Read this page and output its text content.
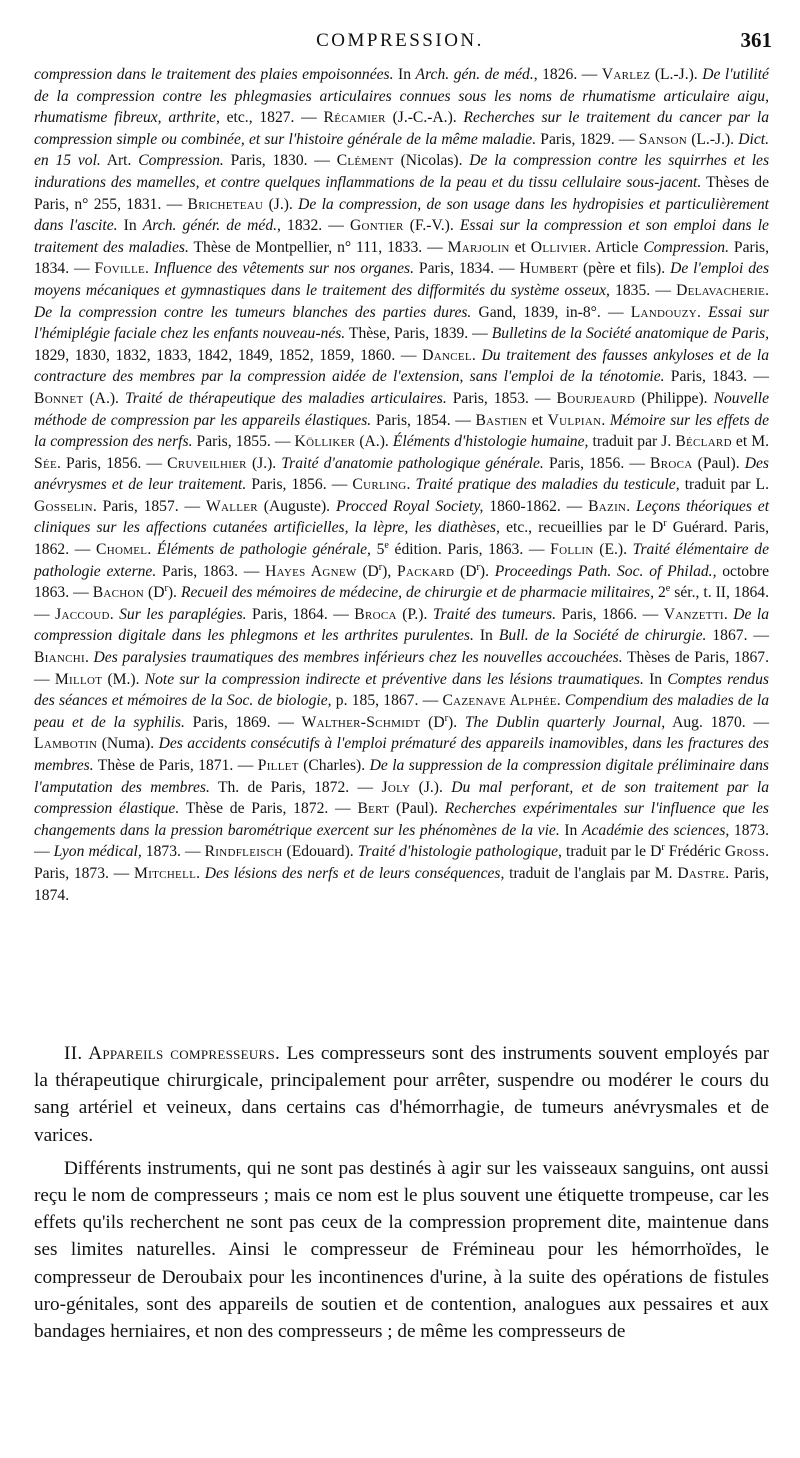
COMPRESSION.	361
compression dans le traitement des plaies empoisonnées. In Arch. gén. de méd., 1826. — Varlez (L.-J.). De l'utilité de la compression contre les phlegmasies articulaires connues sous les noms de rhumatisme articulaire aigu, rhumatisme fibreux, arthrite, etc., 1827. — Récamier (J.-C.-A.). Recherches sur le traitement du cancer par la compression simple ou combinée, et sur l'histoire générale de la même maladie. Paris, 1829. — Sanson (L.-J.). Dict. en 15 vol. Art. Compression. Paris, 1830. — Clément (Nicolas). De la compression contre les squirrhes et les indurations des mamelles, et contre quelques inflammations de la peau et du tissu cellulaire sous-jacent. Thèses de Paris, n° 255, 1831. — Bricheteau (J.). De la compression, de son usage dans les hydropisies et particulièrement dans l'ascite. In Arch. génér. de méd., 1832. — Gontier (F.-V.). Essai sur la compression et son emploi dans le traitement des maladies. Thèse de Montpellier, n° 111, 1833. — Marjolin et Ollivier. Article Compression. Paris, 1834. — Foville. Influence des vêtements sur nos organes. Paris, 1834. — Humbert (père et fils). De l'emploi des moyens mécaniques et gymnastiques dans le traitement des difformités du système osseux, 1835. — Delavacherie. De la compression contre les tumeurs blanches des parties dures. Gand, 1839, in-8°. — Landouzy. Essai sur l'hémiplégie faciale chez les enfants nouveau-nés. Thèse, Paris, 1839. — Bulletins de la Société anatomique de Paris, 1829, 1830, 1832, 1833, 1842, 1849, 1852, 1859, 1860. — Dancel. Du traitement des fausses ankyloses et de la contracture des membres par la compression aidée de l'extension, sans l'emploi de la ténotomie. Paris, 1843. — Bonnet (A.). Traité de thérapeutique des maladies articulaires. Paris, 1853. — Bourjeaurd (Philippe). Nouvelle méthode de compression par les appareils élastiques. Paris, 1854. — Bastien et Vulpian. Mémoire sur les effets de la compression des nerfs. Paris, 1855. — Kölliker (A.). Éléments d'histologie humaine, traduit par J. Béclard et M. Sée. Paris, 1856. — Cruveilhier (J.). Traité d'anatomie pathologique générale. Paris, 1856. — Broca (Paul). Des anévrysmes et de leur traitement. Paris, 1856. — Curling. Traité pratique des maladies du testicule, traduit par L. Gosselin. Paris, 1857. — Waller (Auguste). Procced Royal Society, 1860-1862. — Bazin. Leçons théoriques et cliniques sur les affections cutanées artificielles, la lèpre, les diathèses, etc., recueillies par le $D^r$ Guérard. Paris, 1862. — Chomel. Éléments de pathologie générale, 5e édition. Paris, 1863. — Follin (E.). Traité élémentaire de pathologie externe. Paris, 1863. — Hayes Agnew $(D^r)$, Packard $(D^r)$. Proceedings Path. Soc. of Philad., octobre 1863. — Bachon $(D^r)$. Recueil des mémoires de médecine, de chirurgie et de pharmacie militaires, 2e sér., t. II, 1864. — Jaccoud. Sur les paraplégies. Paris, 1864. — Broca (P.). Traité des tumeurs. Paris, 1866. — Vanzetti. De la compression digitale dans les phlegmons et les arthrites purulentes. In Bull. de la Société de chirurgie. 1867. — Bianchi. Des paralysies traumatiques des membres inférieurs chez les nouvelles accouchées. Thèses de Paris, 1867. — Millot (M.). Note sur la compression indirecte et préventive dans les lésions traumatiques. In Comptes rendus des séances et mémoires de la Soc. de biologie, p. 185, 1867. — Cazenave Alphée. Compendium des maladies de la peau et de la syphilis. Paris, 1869. — Walther-Schmidt $(D^r)$. The Dublin quarterly Journal, Aug. 1870. — Lambotin (Numa). Des accidents consécutifs à l'emploi prématuré des appareils inamovibles, dans les fractures des membres. Thèse de Paris, 1871. — Pillet (Charles). De la suppression de la compression digitale préliminaire dans l'amputation des membres. Th. de Paris, 1872. — Joly (J.). Du mal perforant, et de son traitement par la compression élastique. Thèse de Paris, 1872. — Bert (Paul). Recherches expérimentales sur l'influence que les changements dans la pression barométrique exercent sur les phénomènes de la vie. In Académie des sciences, 1873. — Lyon médical, 1873. — Rindfleisch (Edouard). Traité d'histologie pathologique, traduit par le $D^r$ Frédéric Gross. Paris, 1873. — Mitchell. Des lésions des nerfs et de leurs conséquences, traduit de l'anglais par M. Dastre. Paris, 1874.

II. Appareils compresseurs. Les compresseurs sont des instruments souvent employés par la thérapeutique chirurgicale, principalement pour arrêter, suspendre ou modérer le cours du sang artériel et veineux, dans certains cas d'hémorrhagie, de tumeurs anévrysmales et de varices.

Différents instruments, qui ne sont pas destinés à agir sur les vaisseaux sanguins, ont aussi reçu le nom de compresseurs ; mais ce nom est le plus souvent une étiquette trompeuse, car les effets qu'ils recherchent ne sont pas ceux de la compression proprement dite, maintenue dans ses limites naturelles. Ainsi le compresseur de Frémineau pour les hémorrhoïdes, le compresseur de Deroubaix pour les incontinences d'urine, à la suite des opérations de fistules uro-génitales, sont des appareils de soutien et de contention, analogues aux pessaires et aux bandages herniaires, et non des compresseurs ; de même les compresseurs de
